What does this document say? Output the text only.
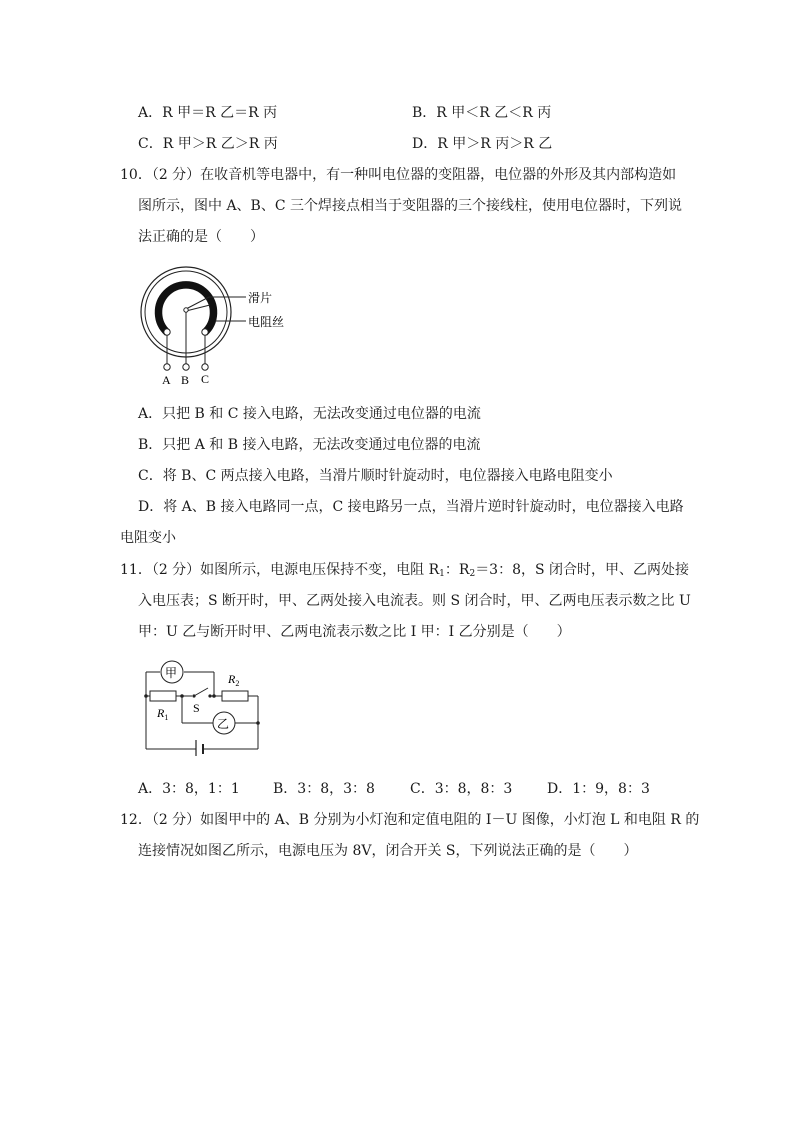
A．R 甲＝R 乙＝R 丙	B．R 甲＜R 乙＜R 丙
C．R 甲＞R 乙＞R 丙	D．R 甲＞R 丙＞R 乙
10．（2 分）在收音机等电器中，有一种叫电位器的变阻器，电位器的外形及其内部构造如
图所示，图中 A、B、C 三个焊接点相当于变阻器的三个接线柱，使用电位器时，下列说
法正确的是（　　）
A B C
滑片
电阻丝
A．只把 B 和 C 接入电路，无法改变通过电位器的电流
B．只把 A 和 B 接入电路，无法改变通过电位器的电流
C．将 B、C 两点接入电路，当滑片顺时针旋动时，电位器接入电路电阻变小
D．将 A、B 接入电路同一点，C 接电路另一点，当滑片逆时针旋动时，电位器接入电路
电阻变小
11．（2 分）如图所示，电源电压保持不变，电阻 $R_1$：$R_2=3$：8，S 闭合时，甲、乙两处接
入电压表；S 断开时，甲、乙两处接入电流表。则 S 闭合时，甲、乙两电压表示数之比 U
甲：U 乙与断开时甲、乙两电流表示数之比 I 甲：I 乙分别是（　　）
甲
$R_1$
S
$R_2$
乙
A．3：8，1：1 B．3：8，3：8	C．3：8，8：3 D．1：9，8：3
12．（2 分）如图甲中的 A、B 分别为小灯泡和定值电阻的 I－U 图像，小灯泡 L 和电阻 R 的
连接情况如图乙所示，电源电压为 8V，闭合开关 S，下列说法正确的是（　　）
